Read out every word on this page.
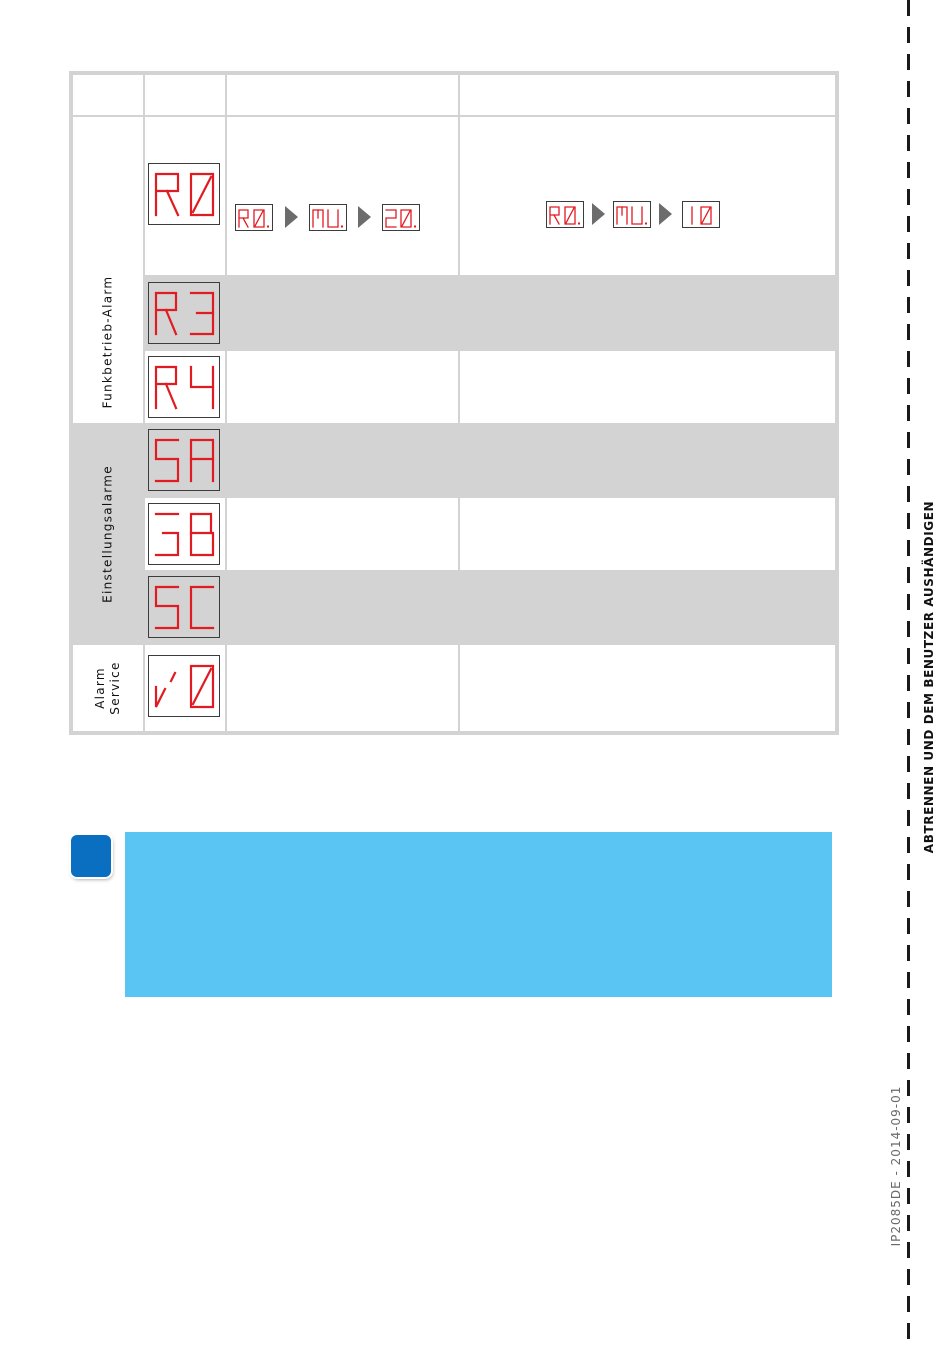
Funkbetrieb-Alarm
Einstellungsalarme
Alarm Service	ABTRENNEN UND DEM BENUTZER AUSHÄNDIGEN
IP2085DE - 2014-09-01
